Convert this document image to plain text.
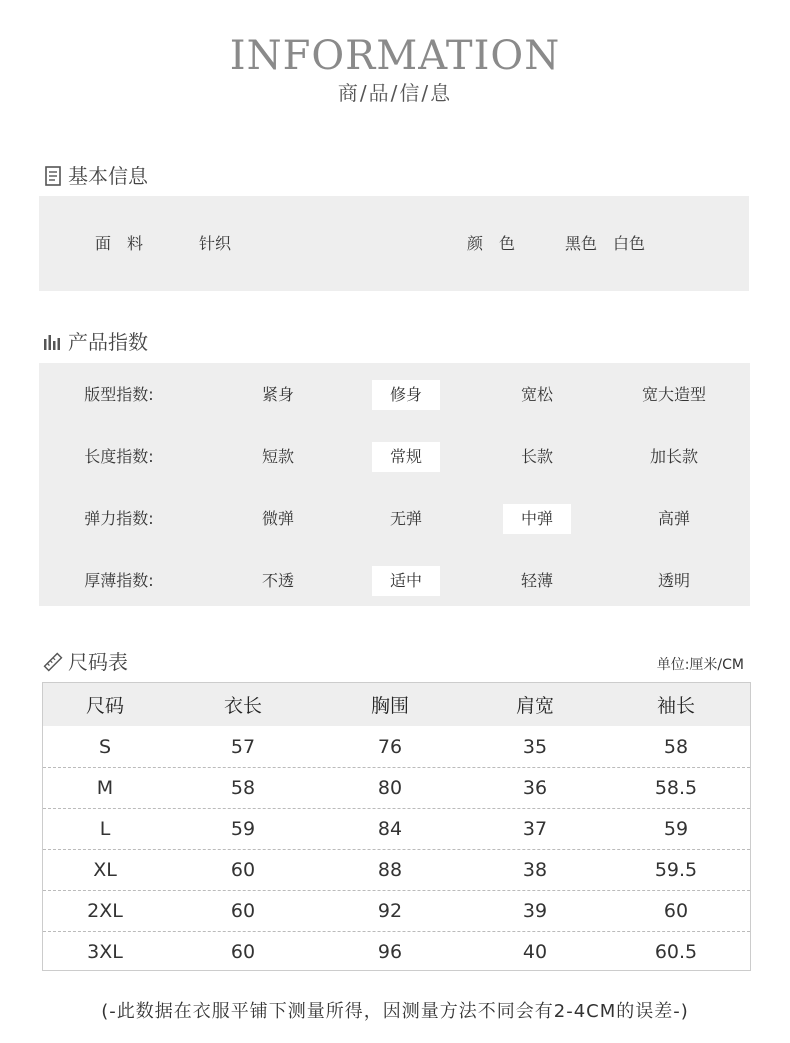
INFORMATION
商/品/信/息
基本信息
面　料	针织	颜　色	黑色　白色
产品指数
版型指数:	紧身	修身	宽松	宽大造型
长度指数:	短款	常规	长款	加长款
弹力指数:	微弹	无弹	中弹	高弹
厚薄指数:	不透	适中	轻薄	透明
尺码表	单位:厘米/CM
尺码	衣长	胸围	肩宽	袖长
S	57	76	35	58
M	58	80	36	58.5
L	59	84	37	59
XL	60	88	38	59.5
2XL	60	92	39	60
3XL	60	96	40	60.5
(-此数据在衣服平铺下测量所得，因测量方法不同会有2-4CM的误差-)
